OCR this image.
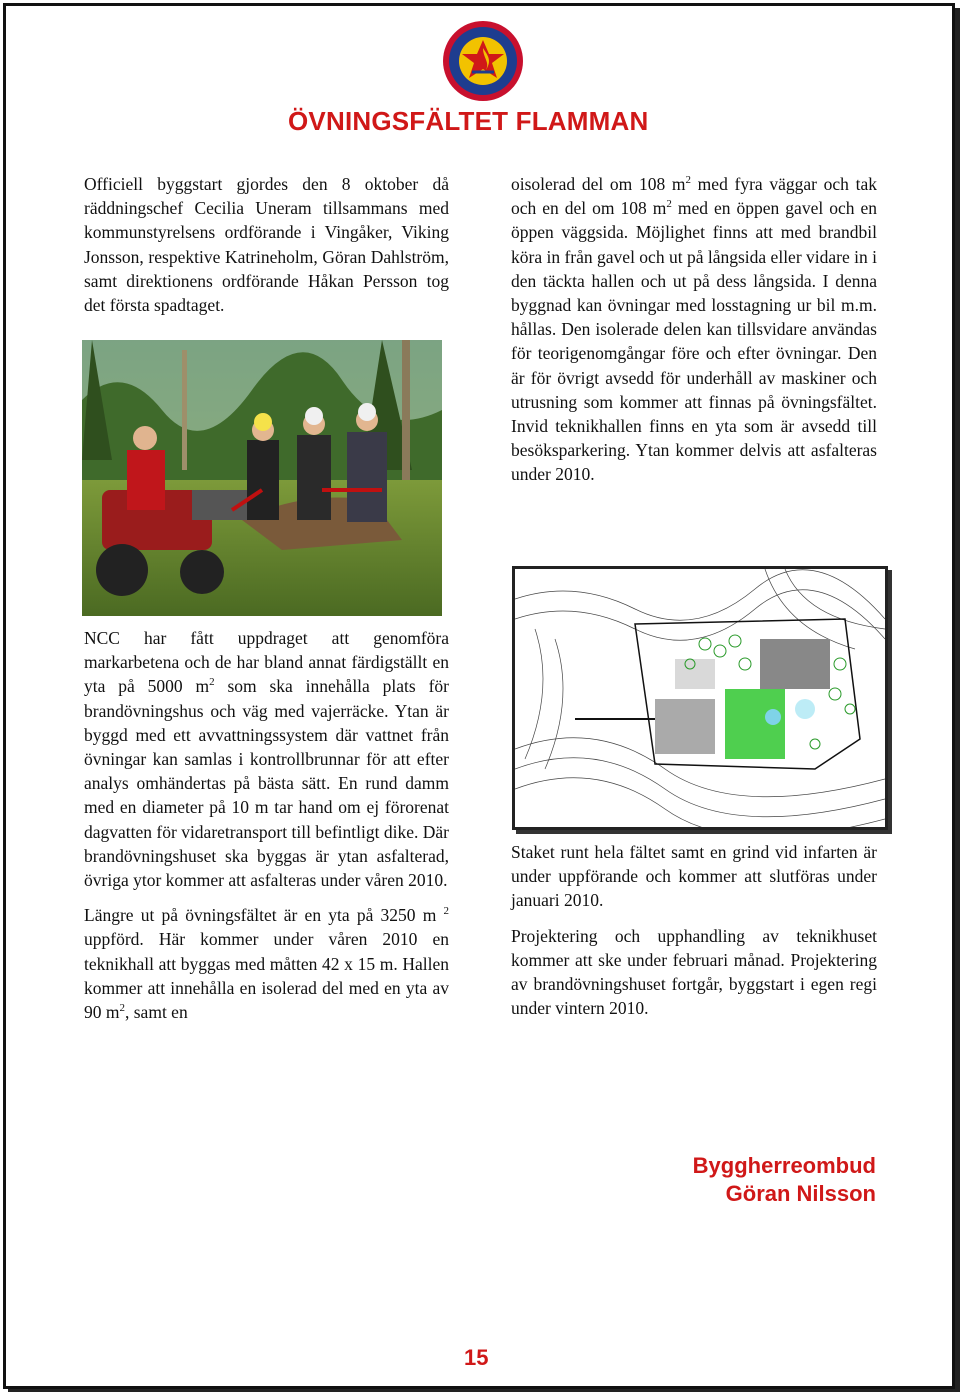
ÖVNINGSFÄLTET FLAMMAN

Officiell byggstart gjordes den 8 oktober då räddningschef Cecilia Uneram tillsammans med kommunstyrelsens ordförande i Vingåker, Viking Jonsson, respektive Katrineholm, Göran Dahlström, samt direktionens ordförande Håkan Persson tog det första spadtaget.

NCC har fått uppdraget att genomföra markarbetena och de har bland annat färdigställt en yta på 5000 $m^2$ som ska innehålla plats för brandövningshus och väg med vajerräcke. Ytan är byggd med ett avvattningssystem där vattnet från övningar kan samlas i kontrollbrunnar för att efter analys omhändertas på bästa sätt. En rund damm med en diameter på 10 m tar hand om ej förorenat dagvatten för vidaretransport till befintligt dike. Där brandövningshuset ska byggas är ytan asfalterad, övriga ytor kommer att asfalteras under våren 2010.

Längre ut på övningsfältet är en yta på 3250 m $^2$ uppförd. Här kommer under våren 2010 en teknikhall att byggas med måtten 42 x 15 m. Hallen kommer att innehålla en isolerad del med en yta av 90 $m^2$, samt en

oisolerad del om 108 $m^2$ med fyra väggar och tak och en del om 108 $m^2$ med en öppen gavel och en öppen väggsida. Möjlighet finns att med brandbil köra in från gavel och ut på långsida eller vidare in i den täckta hallen och ut på dess långsida. I denna byggnad kan övningar med losstagning ur bil m.m. hållas. Den isolerade delen kan tillsvidare användas för teorigenomgångar före och efter övningar. Den är för övrigt avsedd för underhåll av maskiner och utrusning som kommer att finnas på övningsfältet. Invid teknikhallen finns en yta som är avsedd till besöksparkering. Ytan kommer delvis att asfalteras under 2010.

Staket runt hela fältet samt en grind vid infarten är under uppförande och kommer att slutföras under januari 2010.

Projektering och upphandling av teknikhuset kommer att ske under februari månad. Projektering av brandövningshuset fortgår, byggstart i egen regi under vintern 2010.

Byggherreombud
Göran Nilsson
15
